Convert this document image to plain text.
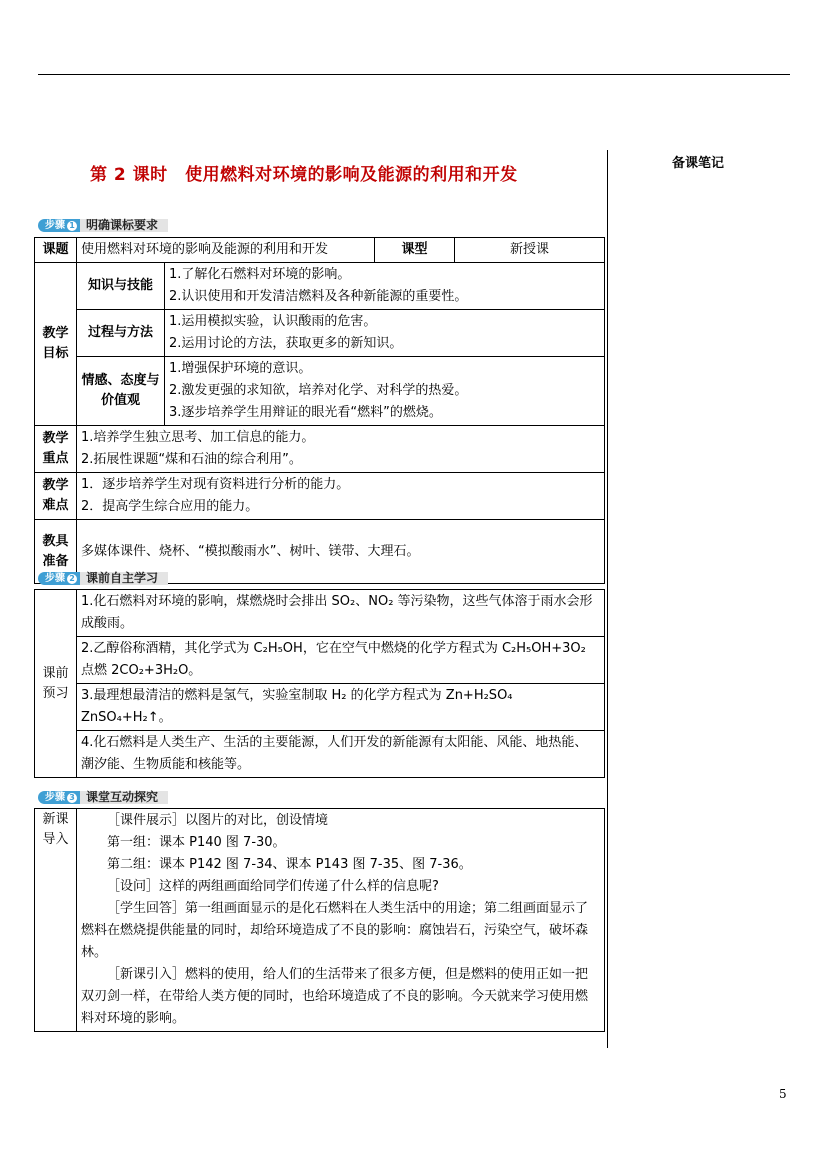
备课笔记
第 2 课时　使用燃料对环境的影响及能源的利用和开发
步骤 1 明确课标要求
课题	使用燃料对环境的影响及能源的利用和开发		课型	新授课
教学目标	知识与技能	1.了解化石燃料对环境的影响。
2.认识使用和开发清洁燃料及各种新能源的重要性。		

	过程与方法	1.运用模拟实验，认识酸雨的危害。
2.运用讨论的方法，获取更多的新知识。		

	情感、态度与价值观	1.增强保护环境的意识。
2.激发更强的求知欲，培养对化学、对科学的热爱。
3.逐步培养学生用辩证的眼光看“燃料”的燃烧。		

教学重点	1.培养学生独立思考、加工信息的能力。
2.拓展性课题“煤和石油的综合利用”。			

教学难点	1．逐步培养学生对现有资料进行分析的能力。
2．提高学生综合应用的能力。			

教具准备	多媒体课件、烧杯、“模拟酸雨水”、树叶、镁带、大理石。			
步骤 2 课前自主学习
课前预习	1.化石燃料对环境的影响，煤燃烧时会排出 SO₂、NO₂ 等污染物，这些气体溶于雨水会形成酸雨。
2.乙醇俗称酒精，其化学式为 C₂H₅OH，它在空气中燃烧的化学方程式为 C₂H₅OH+3O₂ 点燃 2CO₂+3H₂O。
3.最理想最清洁的燃料是氢气，实验室制取 H₂ 的化学方程式为 Zn+H₂SO₄ ZnSO₄+H₂↑。
4.化石燃料是人类生产、生活的主要能源，人们开发的新能源有太阳能、风能、地热能、潮汐能、生物质能和核能等。
步骤 3 课堂互动探究
新课导入	
［课件展示］以图片的对比，创设情境
第一组：课本 P140 图 7-30。
第二组：课本 P142 图 7-34、课本 P143 图 7-35、图 7-36。
［设问］这样的两组画面给同学们传递了什么样的信息呢?
［学生回答］第一组画面显示的是化石燃料在人类生活中的用途；第二组画面显示了燃料在燃烧提供能量的同时，却给环境造成了不良的影响：腐蚀岩石，污染空气，破坏森林。
［新课引入］燃料的使用，给人们的生活带来了很多方便，但是燃料的使用正如一把双刃剑一样，在带给人类方便的同时，也给环境造成了不良的影响。今天就来学习使用燃料对环境的影响。
5
